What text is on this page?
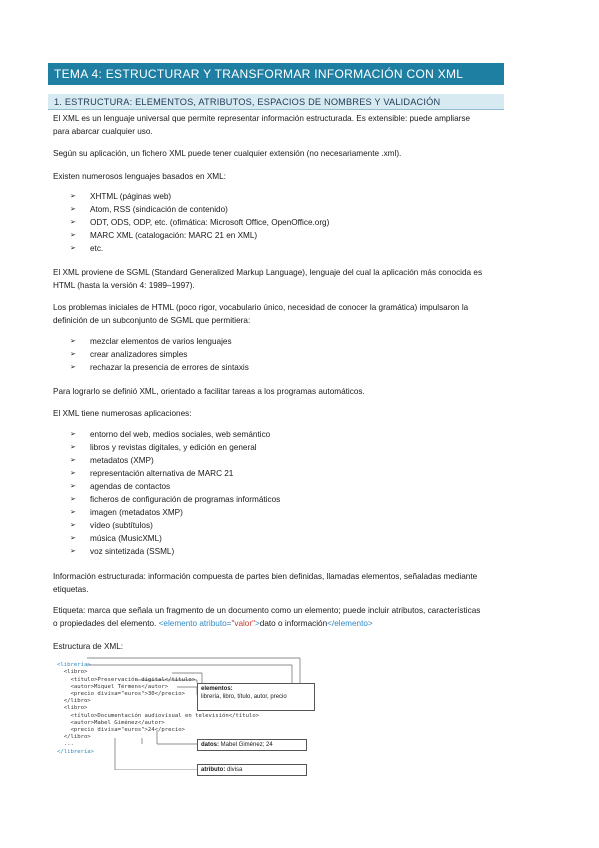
TEMA 4: ESTRUCTURAR Y TRANSFORMAR INFORMACIÓN CON XML
1. ESTRUCTURA: ELEMENTOS, ATRIBUTOS, ESPACIOS DE NOMBRES Y VALIDACIÓN
El XML es un lenguaje universal que permite representar información estructurada. Es extensible: puede ampliarse
para abarcar cualquier uso.
Según su aplicación, un fichero XML puede tener cualquier extensión (no necesariamente .xml).
Existen numerosos lenguajes basados en XML:
➢	XHTML (páginas web)
➢	Atom, RSS (sindicación de contenido)
➢	ODT, ODS, ODP, etc. (ofimática: Microsoft Office, OpenOffice.org)
➢	MARC XML (catalogación: MARC 21 en XML)
➢	etc.
El XML proviene de SGML (Standard Generalized Markup Language), lenguaje del cual la aplicación más conocida es
HTML (hasta la versión 4: 1989–1997).
Los problemas iniciales de HTML (poco rigor, vocabulario único, necesidad de conocer la gramática) impulsaron la
definición de un subconjunto de SGML que permitiera:
➢	mezclar elementos de varios lenguajes
➢	crear analizadores simples
➢	rechazar la presencia de errores de sintaxis
Para lograrlo se definió XML, orientado a facilitar tareas a los programas automáticos.
El XML tiene numerosas aplicaciones:
➢	entorno del web, medios sociales, web semántico
➢	libros y revistas digitales, y edición en general
➢	metadatos (XMP)
➢	representación alternativa de MARC 21
➢	agendas de contactos
➢	ficheros de configuración de programas informáticos
➢	imagen (metadatos XMP)
➢	vídeo (subtítulos)
➢	música (MusicXML)
➢	voz sintetizada (SSML)
Información estructurada: información compuesta de partes bien definidas, llamadas elementos, señaladas mediante
etiquetas.
Etiqueta: marca que señala un fragmento de un documento como un elemento; puede incluir atributos, características
o propiedades del elemento. <elemento atributo="valor">dato o información</elemento>
Estructura de XML:

<librería>
<libro>
<título>Preservación digital</título>
<autor>Miquel Térmens</autor>
<precio divisa="euros">30</precio>
</libro>
<libro>
<título>Documentación audiovisual en televisión</título>
<autor>Mabel Giménez</autor>
<precio divisa="euros">24</precio>
</libro>
...
</librería>
elementos:
librería, libro, título, autor, precio
datos: Mabel Giménez; 24
atributo: divisa
